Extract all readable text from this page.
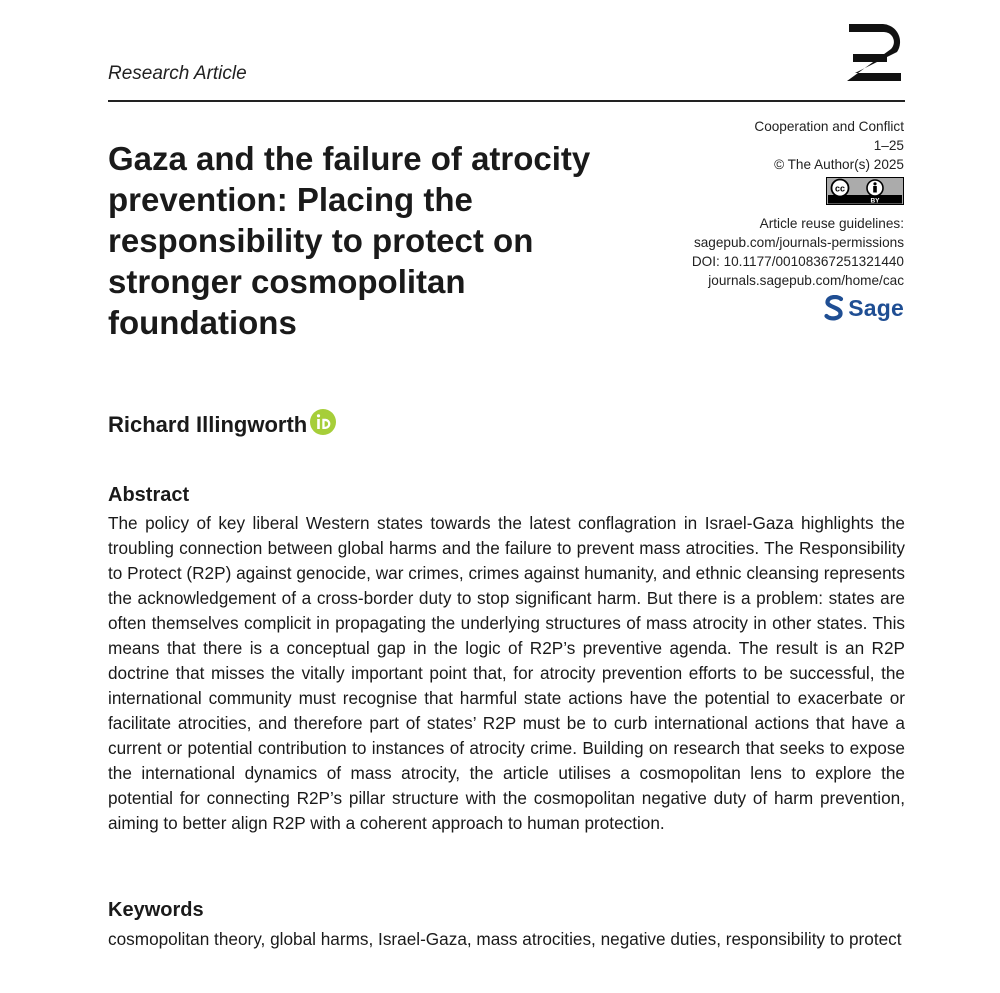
Research Article
Gaza and the failure of atrocity prevention: Placing the responsibility to protect on stronger cosmopolitan foundations
Cooperation and Conflict
1–25
© The Author(s) 2025
cc
BY
Article reuse guidelines:
sagepub.com/journals-permissions
DOI: 10.1177/00108367251321440
journals.sagepub.com/home/cac
Sage
Richard Illingworth
Abstract

The policy of key liberal Western states towards the latest conflagration in Israel-Gaza highlights the troubling connection between global harms and the failure to prevent mass atrocities. The Responsibility to Protect (R2P) against genocide, war crimes, crimes against humanity, and ethnic cleansing represents the acknowledgement of a cross-border duty to stop significant harm. But there is a problem: states are often themselves complicit in propagating the underlying structures of mass atrocity in other states. This means that there is a conceptual gap in the logic of R2P’s preventive agenda. The result is an R2P doctrine that misses the vitally important point that, for atrocity prevention efforts to be successful, the international community must recognise that harmful state actions have the potential to exacerbate or facilitate atrocities, and therefore part of states’ R2P must be to curb international actions that have a current or potential contribution to instances of atrocity crime. Building on research that seeks to expose the international dynamics of mass atrocity, the article utilises a cosmopolitan lens to explore the potential for connecting R2P’s pillar structure with the cosmopolitan negative duty of harm prevention, aiming to better align R2P with a coherent approach to human protection.

Keywords

cosmopolitan theory, global harms, Israel-Gaza, mass atrocities, negative duties, responsibility to protect
